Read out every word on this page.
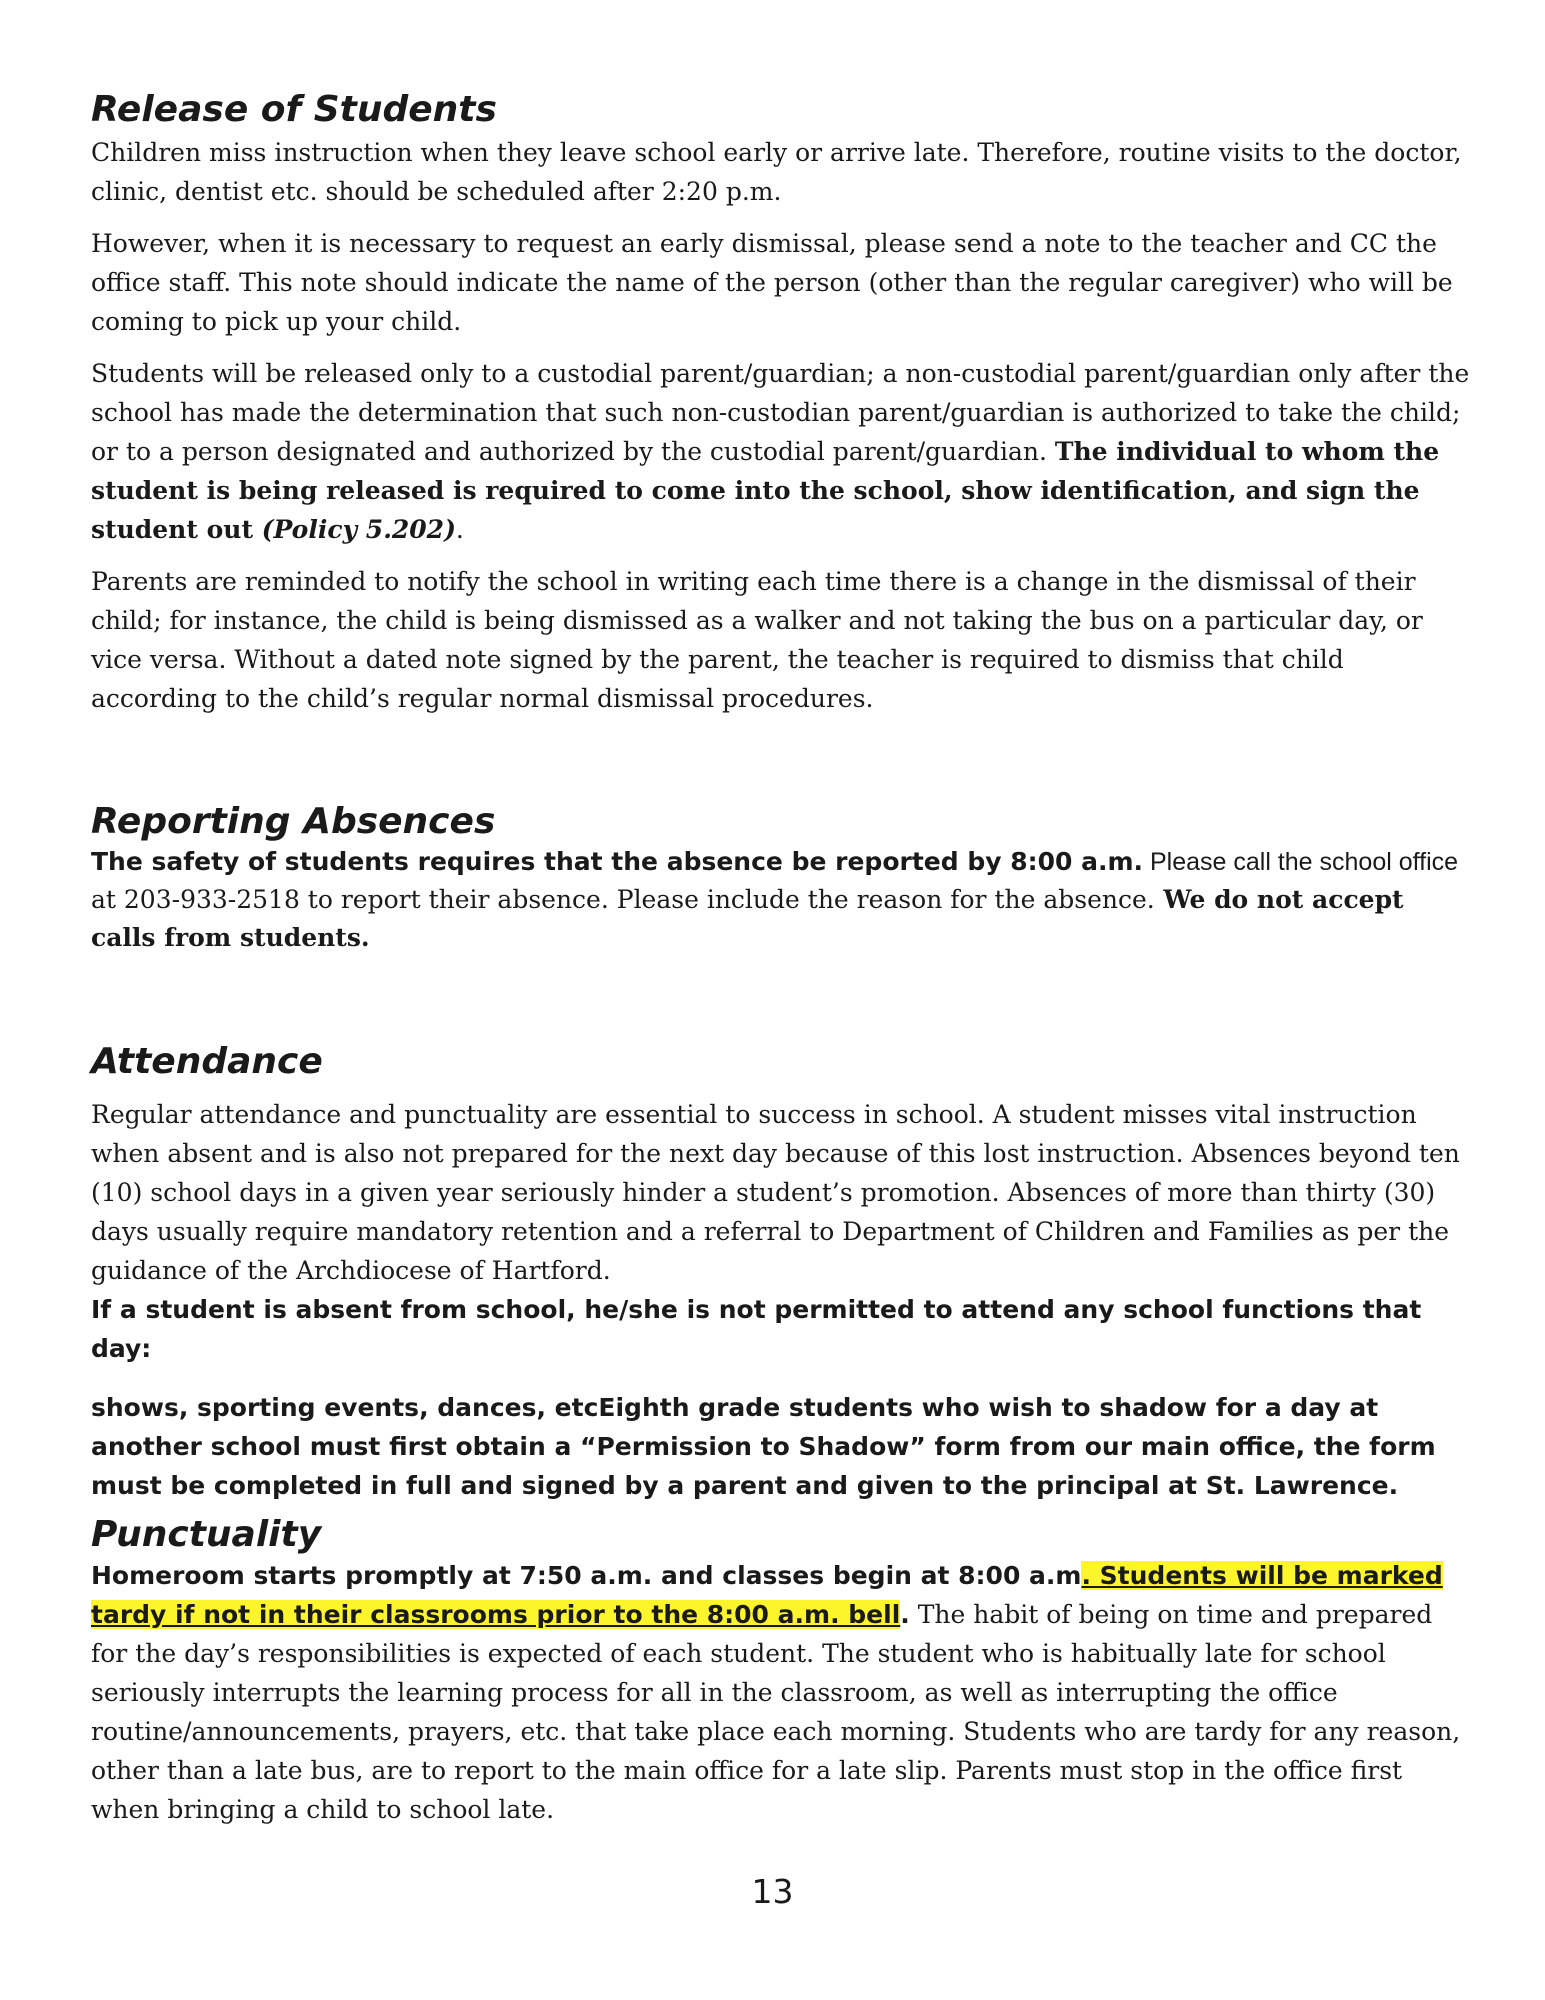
Release of Students

Children miss instruction when they leave school early or arrive late. Therefore, routine visits to the doctor, clinic, dentist etc. should be scheduled after 2:20 p.m.

However, when it is necessary to request an early dismissal, please send a note to the teacher and CC the office staff. This note should indicate the name of the person (other than the regular caregiver) who will be coming to pick up your child.

Students will be released only to a custodial parent/guardian; a non-custodial parent/guardian only after the school has made the determination that such non-custodian parent/guardian is authorized to take the child; or to a person designated and authorized by the custodial parent/guardian. The individual to whom the student is being released is required to come into the school, show identification, and sign the student out (Policy 5.202).

Parents are reminded to notify the school in writing each time there is a change in the dismissal of their child; for instance, the child is being dismissed as a walker and not taking the bus on a particular day, or vice versa. Without a dated note signed by the parent, the teacher is required to dismiss that child according to the child’s regular normal dismissal procedures.

Reporting Absences

The safety of students requires that the absence be reported by 8:00 a.m. Please call the school office
at 203-933-2518 to report their absence. Please include the reason for the absence. We do not accept calls from students.

Attendance

Regular attendance and punctuality are essential to success in school. A student misses vital instruction when absent and is also not prepared for the next day because of this lost instruction. Absences beyond ten (10) school days in a given year seriously hinder a student’s promotion. Absences of more than thirty (30) days usually require mandatory retention and a referral to Department of Children and Families as per the guidance of the Archdiocese of Hartford.

If a student is absent from school, he/she is not permitted to attend any school functions that day:

shows, sporting events, dances, etcEighth grade students who wish to shadow for a day at another school must first obtain a “Permission to Shadow” form from our main office, the form must be completed in full and signed by a parent and given to the principal at St. Lawrence.

Punctuality

Homeroom starts promptly at 7:50 a.m. and classes begin at 8:00 a.m. Students will be marked
tardy if not in their classrooms prior to the 8:00 a.m. bell. The habit of being on time and prepared for the day’s responsibilities is expected of each student. The student who is habitually late for school seriously interrupts the learning process for all in the classroom, as well as interrupting the office routine/announcements, prayers, etc. that take place each morning. Students who are tardy for any reason, other than a late bus, are to report to the main office for a late slip. Parents must stop in the office first when bringing a child to school late.

13
